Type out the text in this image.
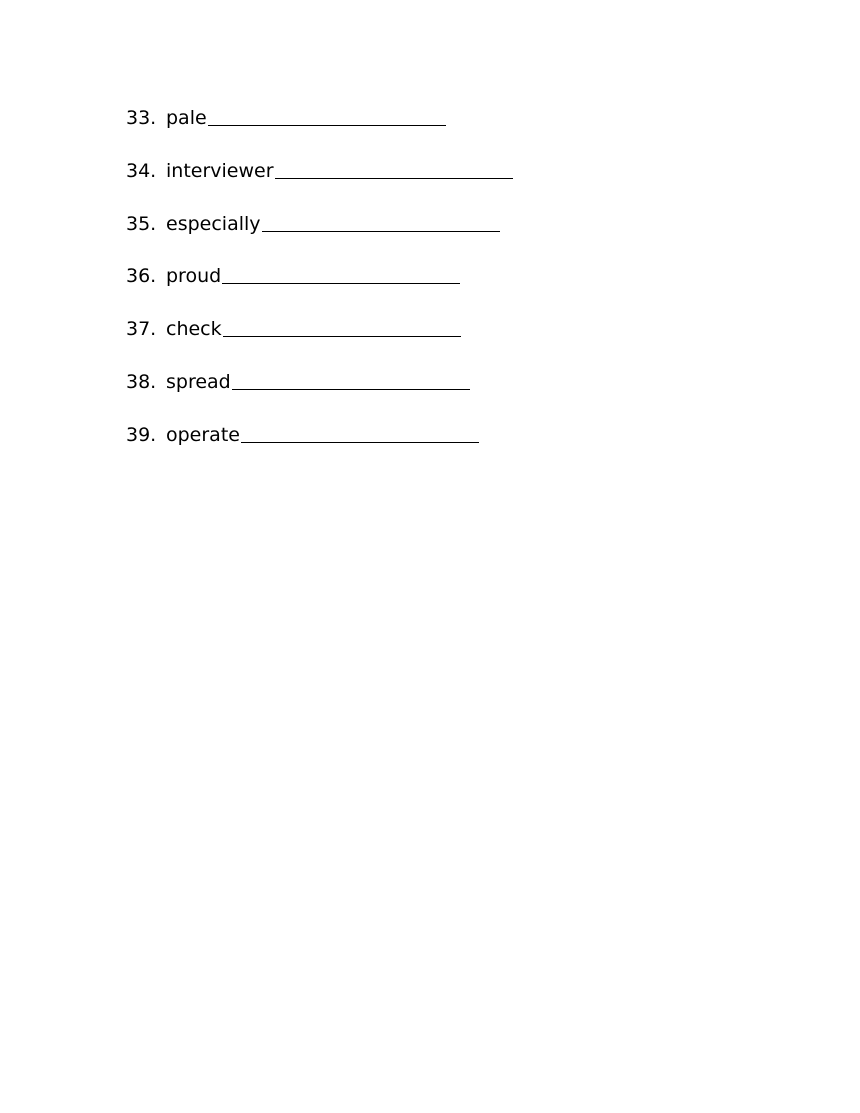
33. pale
34. interviewer
35. especially
36. proud
37. check
38. spread
39. operate
